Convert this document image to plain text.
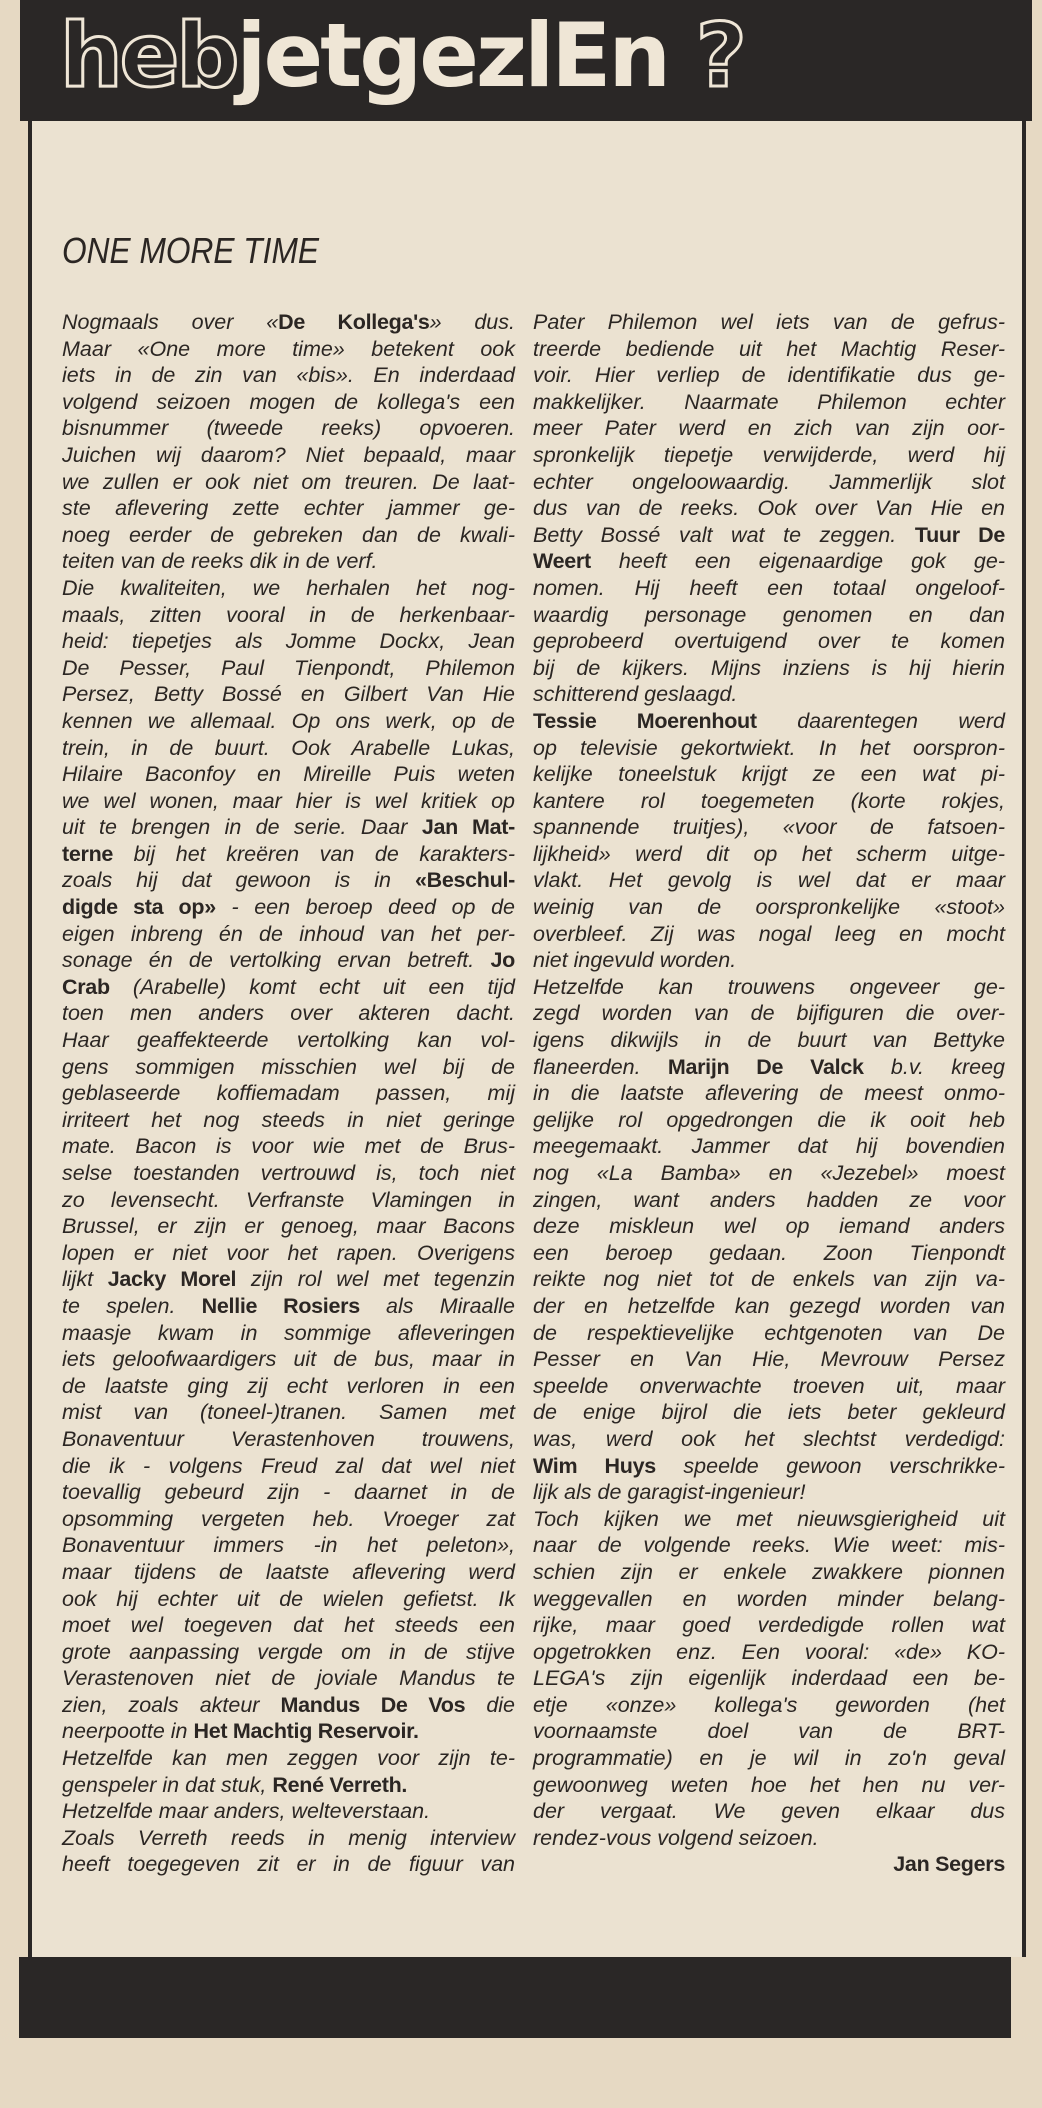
hebjetgezlEn ?
ONE MORE TIME
Nogmaals over «De Kollega's» dus.
Maar «One more time» betekent ook
iets in de zin van «bis». En inderdaad
volgend seizoen mogen de kollega's een
bisnummer (tweede reeks) opvoeren.
Juichen wij daarom? Niet bepaald, maar
we zullen er ook niet om treuren. De laat-
ste aflevering zette echter jammer ge-
noeg eerder de gebreken dan de kwali-
teiten van de reeks dik in de verf.
Die kwaliteiten, we herhalen het nog-
maals, zitten vooral in de herkenbaar-
heid: tiepetjes als Jomme Dockx, Jean
De Pesser, Paul Tienpondt, Philemon
Persez, Betty Bossé en Gilbert Van Hie
kennen we allemaal. Op ons werk, op de
trein, in de buurt. Ook Arabelle Lukas,
Hilaire Baconfoy en Mireille Puis weten
we wel wonen, maar hier is wel kritiek op
uit te brengen in de serie. Daar Jan Mat-
terne bij het kreëren van de karakters-
zoals hij dat gewoon is in «Beschul-
digde sta op» - een beroep deed op de
eigen inbreng én de inhoud van het per-
sonage én de vertolking ervan betreft. Jo
Crab (Arabelle) komt echt uit een tijd
toen men anders over akteren dacht.
Haar geaffekteerde vertolking kan vol-
gens sommigen misschien wel bij de
geblaseerde koffiemadam passen, mij
irriteert het nog steeds in niet geringe
mate. Bacon is voor wie met de Brus-
selse toestanden vertrouwd is, toch niet
zo levensecht. Verfranste Vlamingen in
Brussel, er zijn er genoeg, maar Bacons
lopen er niet voor het rapen. Overigens
lijkt Jacky Morel zijn rol wel met tegenzin
te spelen. Nellie Rosiers als Miraalle
maasje kwam in sommige afleveringen
iets geloofwaardigers uit de bus, maar in
de laatste ging zij echt verloren in een
mist van (toneel-)tranen. Samen met
Bonaventuur Verastenhoven trouwens,
die ik - volgens Freud zal dat wel niet
toevallig gebeurd zijn - daarnet in de
opsomming vergeten heb. Vroeger zat
Bonaventuur immers -in het peleton»,
maar tijdens de laatste aflevering werd
ook hij echter uit de wielen gefietst. Ik
moet wel toegeven dat het steeds een
grote aanpassing vergde om in de stijve
Verastenoven niet de joviale Mandus te
zien, zoals akteur Mandus De Vos die
neerpootte in Het Machtig Reservoir.
Hetzelfde kan men zeggen voor zijn te-
genspeler in dat stuk, René Verreth.
Hetzelfde maar anders, welteverstaan.
Zoals Verreth reeds in menig interview
heeft toegegeven zit er in de figuur van
Pater Philemon wel iets van de gefrus-
treerde bediende uit het Machtig Reser-
voir. Hier verliep de identifikatie dus ge-
makkelijker. Naarmate Philemon echter
meer Pater werd en zich van zijn oor-
spronkelijk tiepetje verwijderde, werd hij
echter ongeloowaardig. Jammerlijk slot
dus van de reeks. Ook over Van Hie en
Betty Bossé valt wat te zeggen. Tuur De
Weert heeft een eigenaardige gok ge-
nomen. Hij heeft een totaal ongeloof-
waardig personage genomen en dan
geprobeerd overtuigend over te komen
bij de kijkers. Mijns inziens is hij hierin
schitterend geslaagd.
Tessie Moerenhout daarentegen werd
op televisie gekortwiekt. In het oorspron-
kelijke toneelstuk krijgt ze een wat pi-
kantere rol toegemeten (korte rokjes,
spannende truitjes), «voor de fatsoen-
lijkheid» werd dit op het scherm uitge-
vlakt. Het gevolg is wel dat er maar
weinig van de oorspronkelijke «stoot»
overbleef. Zij was nogal leeg en mocht
niet ingevuld worden.
Hetzelfde kan trouwens ongeveer ge-
zegd worden van de bijfiguren die over-
igens dikwijls in de buurt van Bettyke
flaneerden. Marijn De Valck b.v. kreeg
in die laatste aflevering de meest onmo-
gelijke rol opgedrongen die ik ooit heb
meegemaakt. Jammer dat hij bovendien
nog «La Bamba» en «Jezebel» moest
zingen, want anders hadden ze voor
deze miskleun wel op iemand anders
een beroep gedaan. Zoon Tienpondt
reikte nog niet tot de enkels van zijn va-
der en hetzelfde kan gezegd worden van
de respektievelijke echtgenoten van De
Pesser en Van Hie, Mevrouw Persez
speelde onverwachte troeven uit, maar
de enige bijrol die iets beter gekleurd
was, werd ook het slechtst verdedigd:
Wim Huys speelde gewoon verschrikke-
lijk als de garagist-ingenieur!
Toch kijken we met nieuwsgierigheid uit
naar de volgende reeks. Wie weet: mis-
schien zijn er enkele zwakkere pionnen
weggevallen en worden minder belang-
rijke, maar goed verdedigde rollen wat
opgetrokken enz. Een vooral: «de» KO-
LEGA's zijn eigenlijk inderdaad een be-
etje «onze» kollega's geworden (het
voornaamste doel van de BRT-
programmatie) en je wil in zo'n geval
gewoonweg weten hoe het hen nu ver-
der vergaat. We geven elkaar dus
rendez-vous volgend seizoen.
Jan Segers
